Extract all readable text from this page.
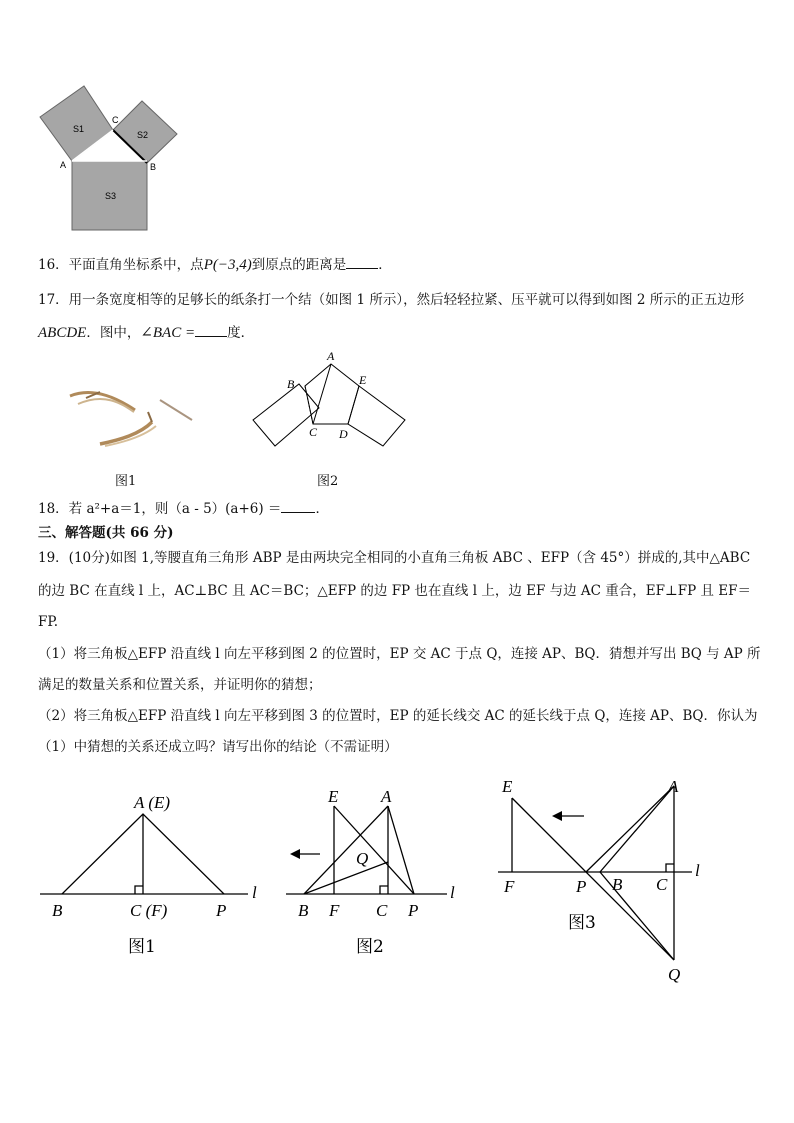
S1
S2
S3
A	B
C
16．平面直角坐标系中，点P(−3,4)到原点的距离是 ．
17．用一条宽度相等的足够长的纸条打一个结（如图 1 所示），然后轻轻拉紧、压平就可以得到如图 2 所示的正五边形
ABCDE．图中，∠BAC = 度．
图1
A
B
C D
E
图2
18．若 a²+a＝1，则（a - 5）(a+6) ＝	．
三、解答题(共 66 分)
19．(10分)如图 1,等腰直角三角形 ABP 是由两块完全相同的小直角三角板 ABC 、EFP（含 45°）拼成的,其中△ABC
的边 BC 在直线 l 上，AC⊥BC 且 AC＝BC；△EFP 的边 FP 也在直线 l 上，边 EF 与边 AC 重合，EF⊥FP 且 EF＝
FP.
（1）将三角板△EFP 沿直线 l 向左平移到图 2 的位置时，EP 交 AC 于点 Q，连接 AP、BQ．猜想并写出 BQ 与 AP 所
满足的数量关系和位置关系，并证明你的猜想；
（2）将三角板△EFP 沿直线 l 向左平移到图 3 的位置时，EP 的延长线交 AC 的延长线于点 Q，连接 AP、BQ．你认为
（1）中猜想的关系还成立吗？请写出你的结论（不需证明）
A (E)
B	C (F)	P
l
图1
E	A
Q
B F C P
l
图2
E	A
F	P B C
l
Q
图3
